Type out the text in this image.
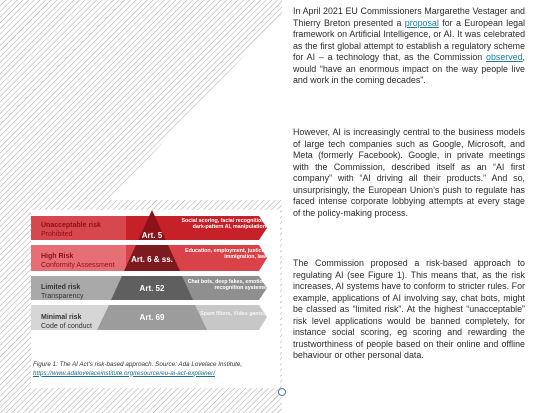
Unacceptable risk
Prohibited
High Risk
Conformity Assessment
Limited risk
Transparency
Minimal risk
Code of conduct
Art. 5
Art. 6 & ss.
Art. 52
Art. 69
Social scoring, facial recognition, dark-pattern AI, manipulation
Education, employment, justice, immigration, law
Chat bots, deep fakes, emotion recognition systems
Spam filters, Video games
Figure 1: The AI Act's risk-based approach. Source: Ada Lovelace Institute,
https://www.adalovelaceinstitute.org/resource/eu-ai-act-explainer/

In April 2021 EU Commissioners Margarethe Vestager and Thierry Breton presented a proposal for a European legal framework on Artificial Intelligence, or AI. It was celebrated as the first global attempt to establish a regulatory scheme for AI – a technology that, as the Commission observed, would “have an enormous impact on the way people live and work in the coming decades”.

However, AI is increasingly central to the business models of large tech companies such as Google, Microsoft, and Meta (formerly Facebook). Google, in private meetings with the Commission, described itself as an “AI first company” with “AI driving all their products.” And so, unsurprisingly, the European Union’s push to regulate has faced intense corporate lobbying attempts at every stage of the policy-making process.

The Commission proposed a risk-based approach to regulating AI (see Figure 1). This means that, as the risk increases, AI systems have to conform to stricter rules. For example, applications of AI involving say, chat bots, might be classed as “limited risk”. At the highest “unacceptable” risk level applications would be banned completely, for instance social scoring, eg scoring and rewarding the trustworthiness of people based on their online and offline behaviour or other personal data.
